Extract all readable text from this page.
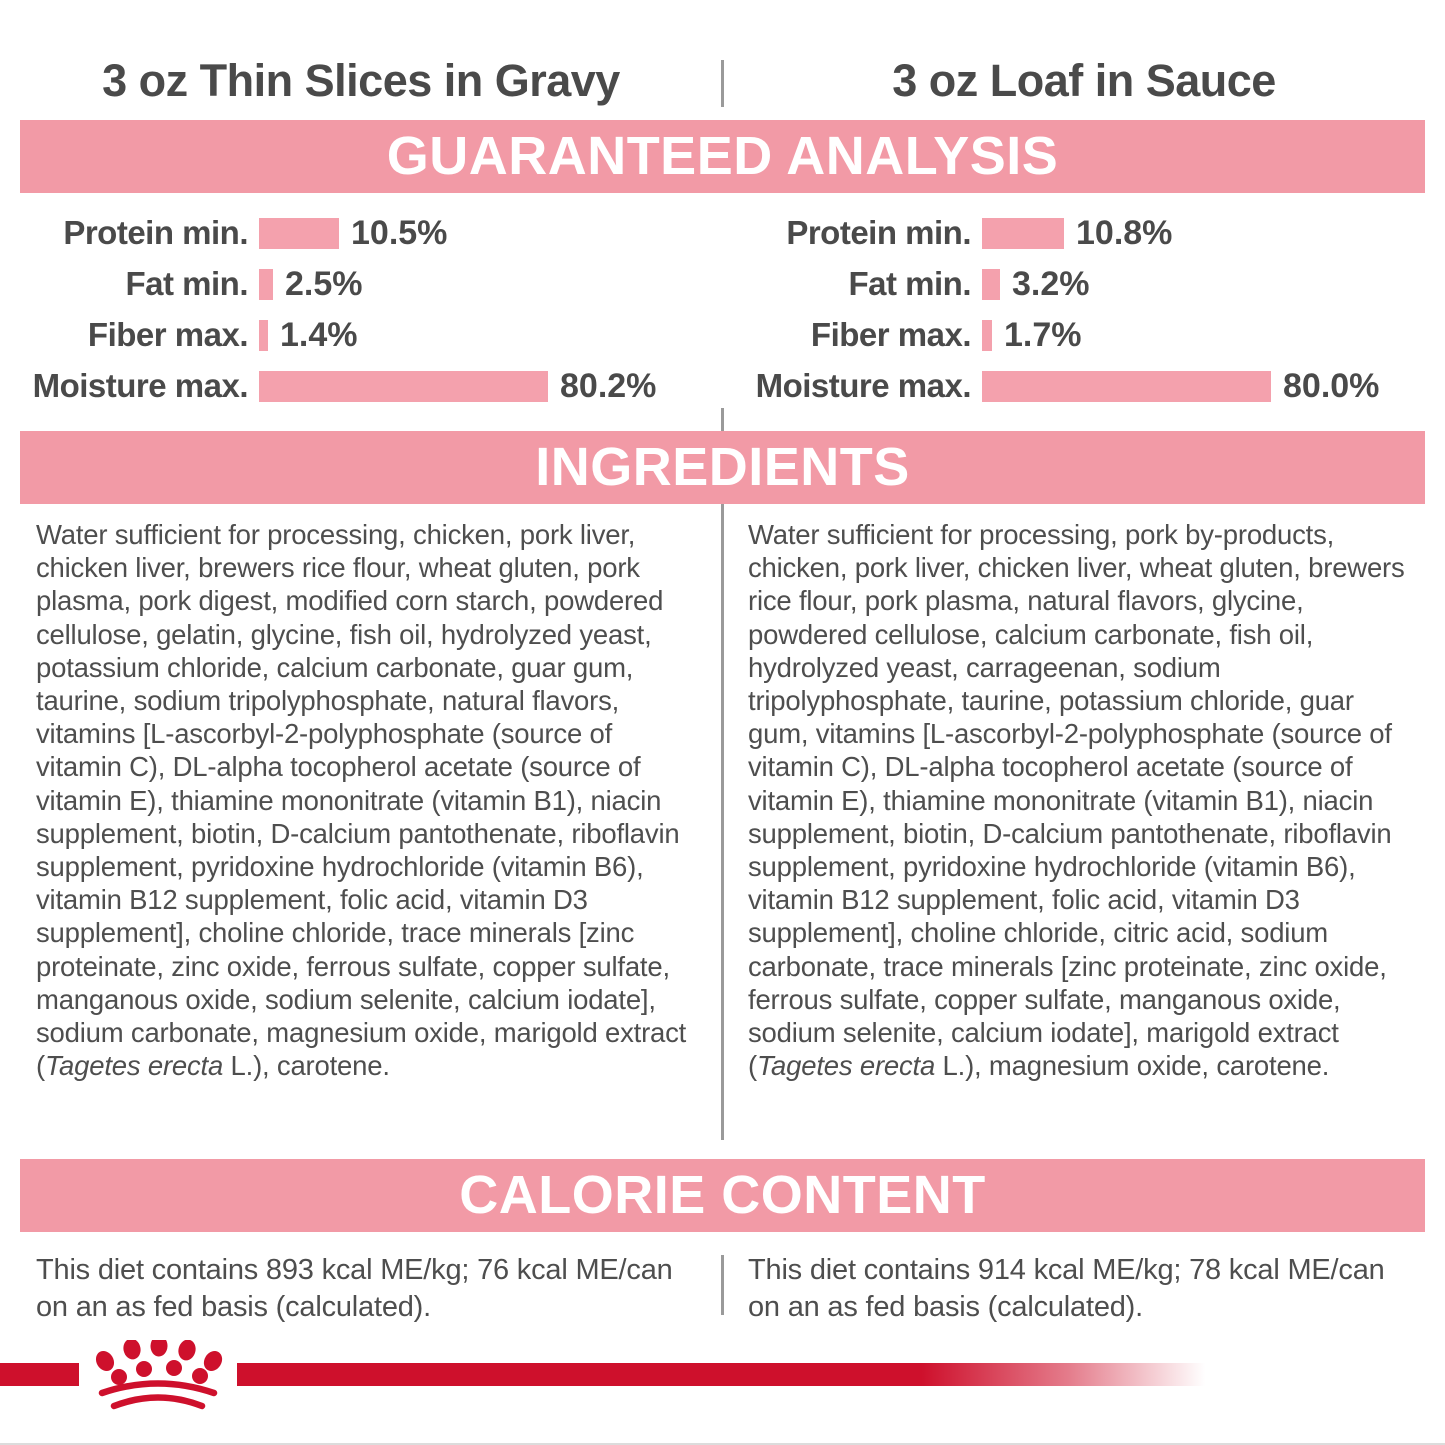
3 oz Thin Slices in Gravy	3 oz Loaf in Sauce
GUARANTEED ANALYSIS
Protein min.	10.5%
Fat min. 2.5%
Fiber max. 1.4%
Moisture max.	80.2%
Protein min.	10.8%
Fat min. 3.2%
Fiber max. 1.7%
Moisture max.	80.0%
INGREDIENTS
Water sufficient for processing, chicken, pork liver, chicken liver, brewers rice flour, wheat gluten, pork plasma, pork digest, modified corn starch, powdered cellulose, gelatin, glycine, fish oil, hydrolyzed yeast, potassium chloride, calcium carbonate, guar gum, taurine, sodium tripolyphosphate, natural flavors, vitamins [L-ascorbyl-2-polyphosphate (source of vitamin C), DL-alpha tocopherol acetate (source of vitamin E), thiamine mononitrate (vitamin B1), niacin supplement, biotin, D-calcium pantothenate, riboflavin supplement, pyridoxine hydrochloride (vitamin B6), vitamin B12 supplement, folic acid, vitamin D3 supplement], choline chloride, trace minerals [zinc proteinate, zinc oxide, ferrous sulfate, copper sulfate, manganous oxide, sodium selenite, calcium iodate], sodium carbonate, magnesium oxide, marigold extract (Tagetes erecta L.), carotene.
Water sufficient for processing, pork by-products, chicken, pork liver, chicken liver, wheat gluten, brewers rice flour, pork plasma, natural flavors, glycine, powdered cellulose, calcium carbonate, fish oil, hydrolyzed yeast, carrageenan, sodium tripolyphosphate, taurine, potassium chloride, guar gum, vitamins [L-ascorbyl-2-polyphosphate (source of vitamin C), DL-alpha tocopherol acetate (source of vitamin E), thiamine mononitrate (vitamin B1), niacin supplement, biotin, D-calcium pantothenate, riboflavin supplement, pyridoxine hydrochloride (vitamin B6), vitamin B12 supplement, folic acid, vitamin D3 supplement], choline chloride, citric acid, sodium carbonate, trace minerals [zinc proteinate, zinc oxide, ferrous sulfate, copper sulfate, manganous oxide, sodium selenite, calcium iodate], marigold extract (Tagetes erecta L.), magnesium oxide, carotene.
CALORIE CONTENT
This diet contains 893 kcal ME/kg; 76 kcal ME/can on an as fed basis (calculated).
This diet contains 914 kcal ME/kg; 78 kcal ME/can on an as fed basis (calculated).
